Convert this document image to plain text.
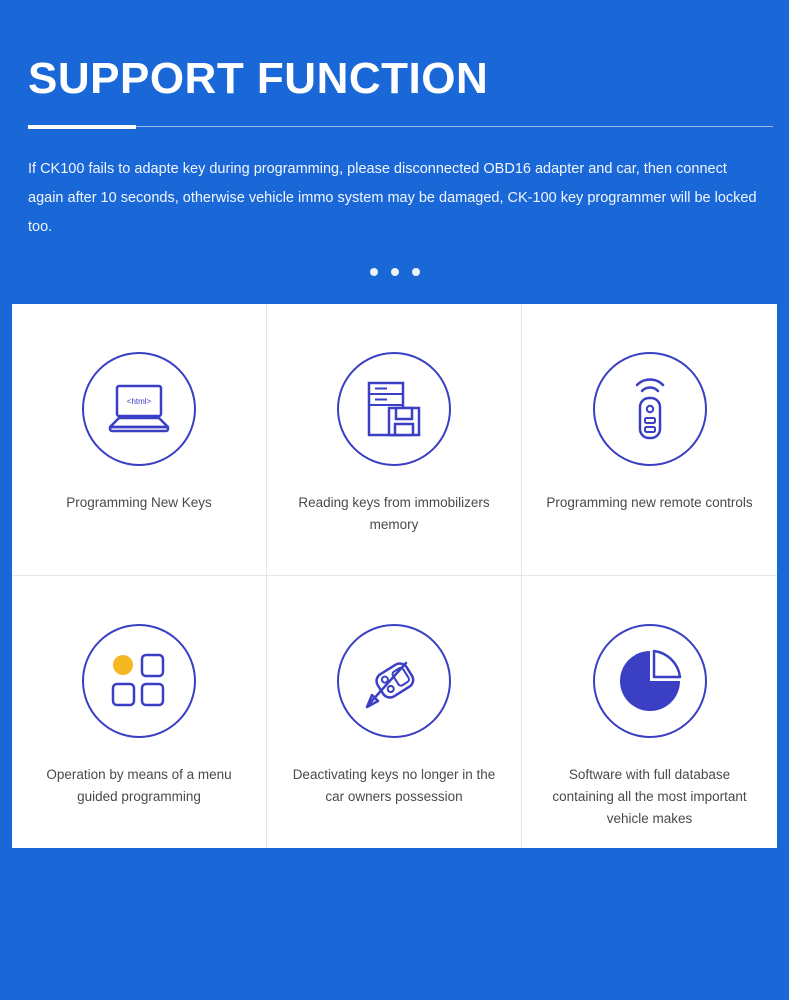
SUPPORT FUNCTION
If CK100 fails to adapte key during programming, please disconnected OBD16 adapter and car, then connect again after 10 seconds, otherwise vehicle immo system may be damaged, CK-100 key programmer will be locked too.
<html>
Programming New Keys	Reading keys from immobilizers memory
Programming new remote controls
Operation by means of a menu guided programming
Deactivating keys no longer in the car owners possession
Software with full database containing all the most important vehicle makes
